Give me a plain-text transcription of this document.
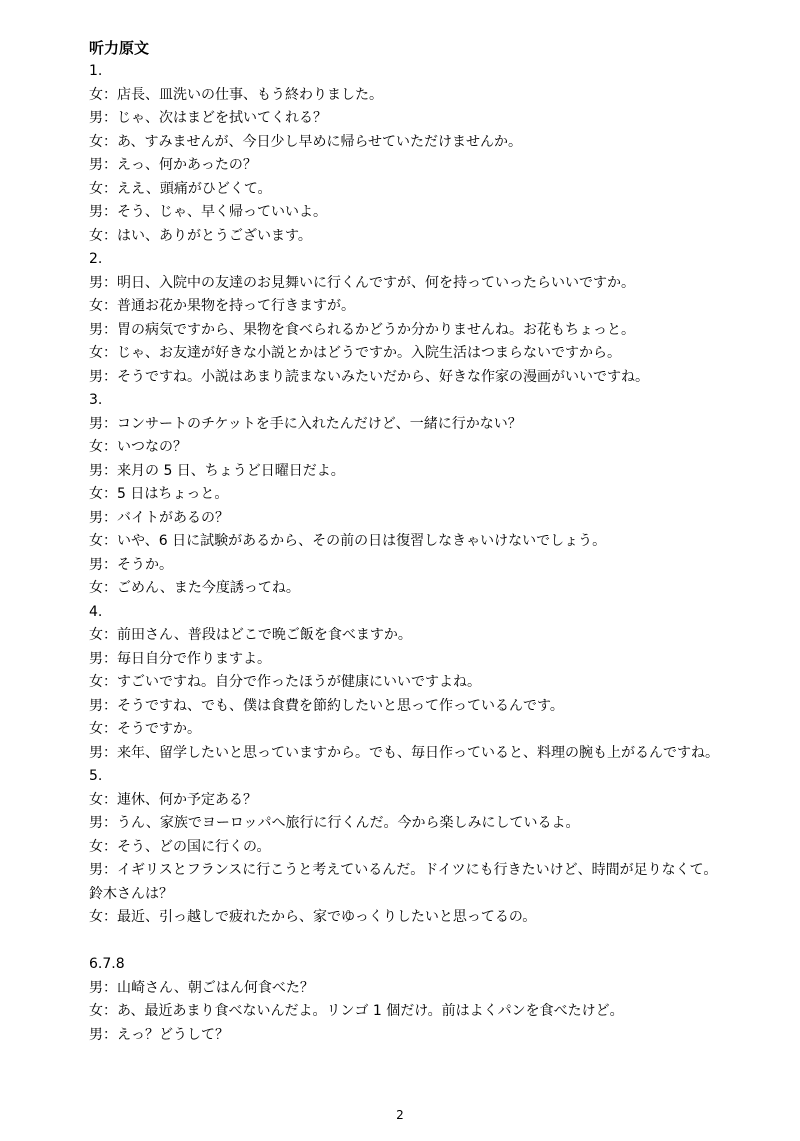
听力原文

1.

女：店長、皿洗いの仕事、もう終わりました。

男：じゃ、次はまどを拭いてくれる？

女：あ、すみませんが、今日少し早めに帰らせていただけませんか。

男：えっ、何かあったの？

女：ええ、頭痛がひどくて。

男：そう、じゃ、早く帰っていいよ。

女：はい、ありがとうございます。

2.

男：明日、入院中の友達のお見舞いに行くんですが、何を持っていったらいいですか。

女：普通お花か果物を持って行きますが。

男：胃の病気ですから、果物を食べられるかどうか分かりませんね。お花もちょっと。

女：じゃ、お友達が好きな小説とかはどうですか。入院生活はつまらないですから。

男：そうですね。小説はあまり読まないみたいだから、好きな作家の漫画がいいですね。

3.

男：コンサートのチケットを手に入れたんだけど、一緒に行かない？

女：いつなの？

男：来月の 5 日、ちょうど日曜日だよ。

女：5 日はちょっと。

男：バイトがあるの？

女：いや、6 日に試験があるから、その前の日は復習しなきゃいけないでしょう。

男：そうか。

女：ごめん、また今度誘ってね。

4.

女：前田さん、普段はどこで晩ご飯を食べますか。

男：毎日自分で作りますよ。

女：すごいですね。自分で作ったほうが健康にいいですよね。

男：そうですね、でも、僕は食費を節約したいと思って作っているんです。

女：そうですか。

男：来年、留学したいと思っていますから。でも、毎日作っていると、料理の腕も上がるんですね。

5.

女：連休、何か予定ある？

男：うん、家族でヨーロッパへ旅行に行くんだ。今から楽しみにしているよ。

女：そう、どの国に行くの。

男：イギリスとフランスに行こうと考えているんだ。ドイツにも行きたいけど、時間が足りなくて。鈴木さんは？

女：最近、引っ越しで疲れたから、家でゆっくりしたいと思ってるの。

6.7.8

男：山崎さん、朝ごはん何食べた？

女：あ、最近あまり食べないんだよ。リンゴ 1 個だけ。前はよくパンを食べたけど。

男：えっ？どうして？

2
